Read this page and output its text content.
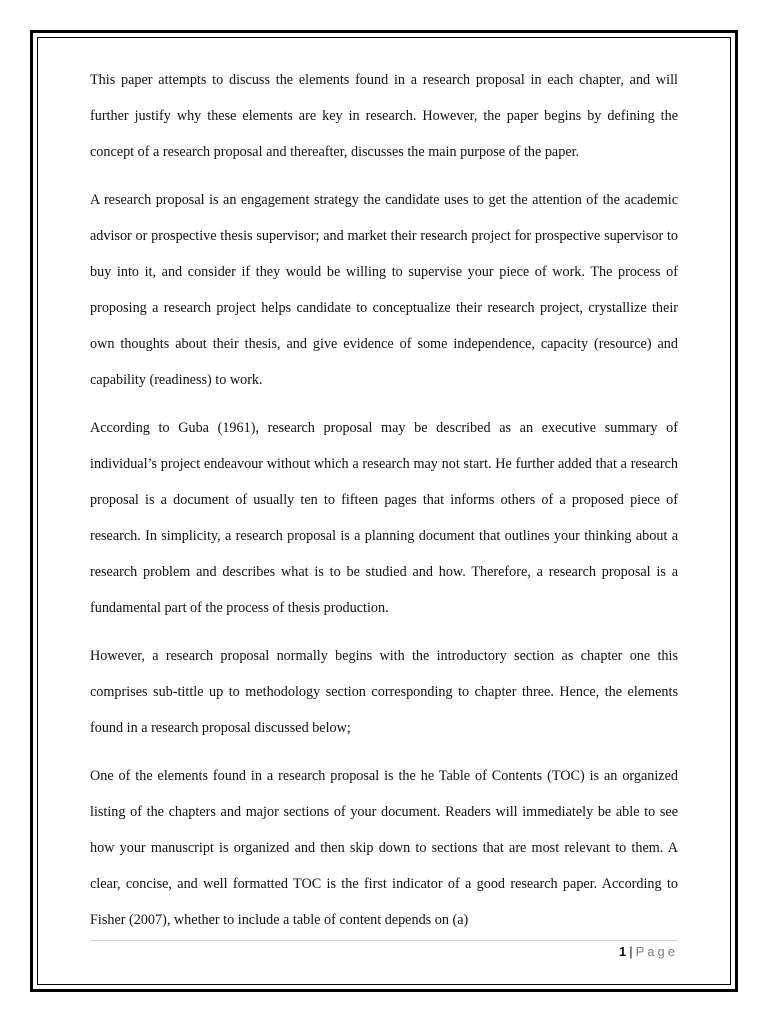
This paper attempts to discuss the elements found in a research proposal in each chapter, and will further justify why these elements are key in research. However, the paper begins by defining the concept of a research proposal and thereafter, discusses the main purpose of the paper.

A research proposal is an engagement strategy the candidate uses to get the attention of the academic advisor or prospective thesis supervisor; and market their research project for prospective supervisor to buy into it, and consider if they would be willing to supervise your piece of work. The process of proposing a research project helps candidate to conceptualize their research project, crystallize their own thoughts about their thesis, and give evidence of some independence, capacity (resource) and capability (readiness) to work.

According to Guba (1961), research proposal may be described as an executive summary of individual’s project endeavour without which a research may not start. He further added that a research proposal is a document of usually ten to fifteen pages that informs others of a proposed piece of research. In simplicity, a research proposal is a planning document that outlines your thinking about a research problem and describes what is to be studied and how. Therefore, a research proposal is a fundamental part of the process of thesis production.

However, a research proposal normally begins with the introductory section as chapter one this comprises sub-tittle up to methodology section corresponding to chapter three. Hence, the elements found in a research proposal discussed below;

One of the elements found in a research proposal is the he Table of Contents (TOC) is an organized listing of the chapters and major sections of your document. Readers will immediately be able to see how your manuscript is organized and then skip down to sections that are most relevant to them. A clear, concise, and well formatted TOC is the first indicator of a good research paper. According to Fisher (2007), whether to include a table of content depends on (a)

1 | Page
